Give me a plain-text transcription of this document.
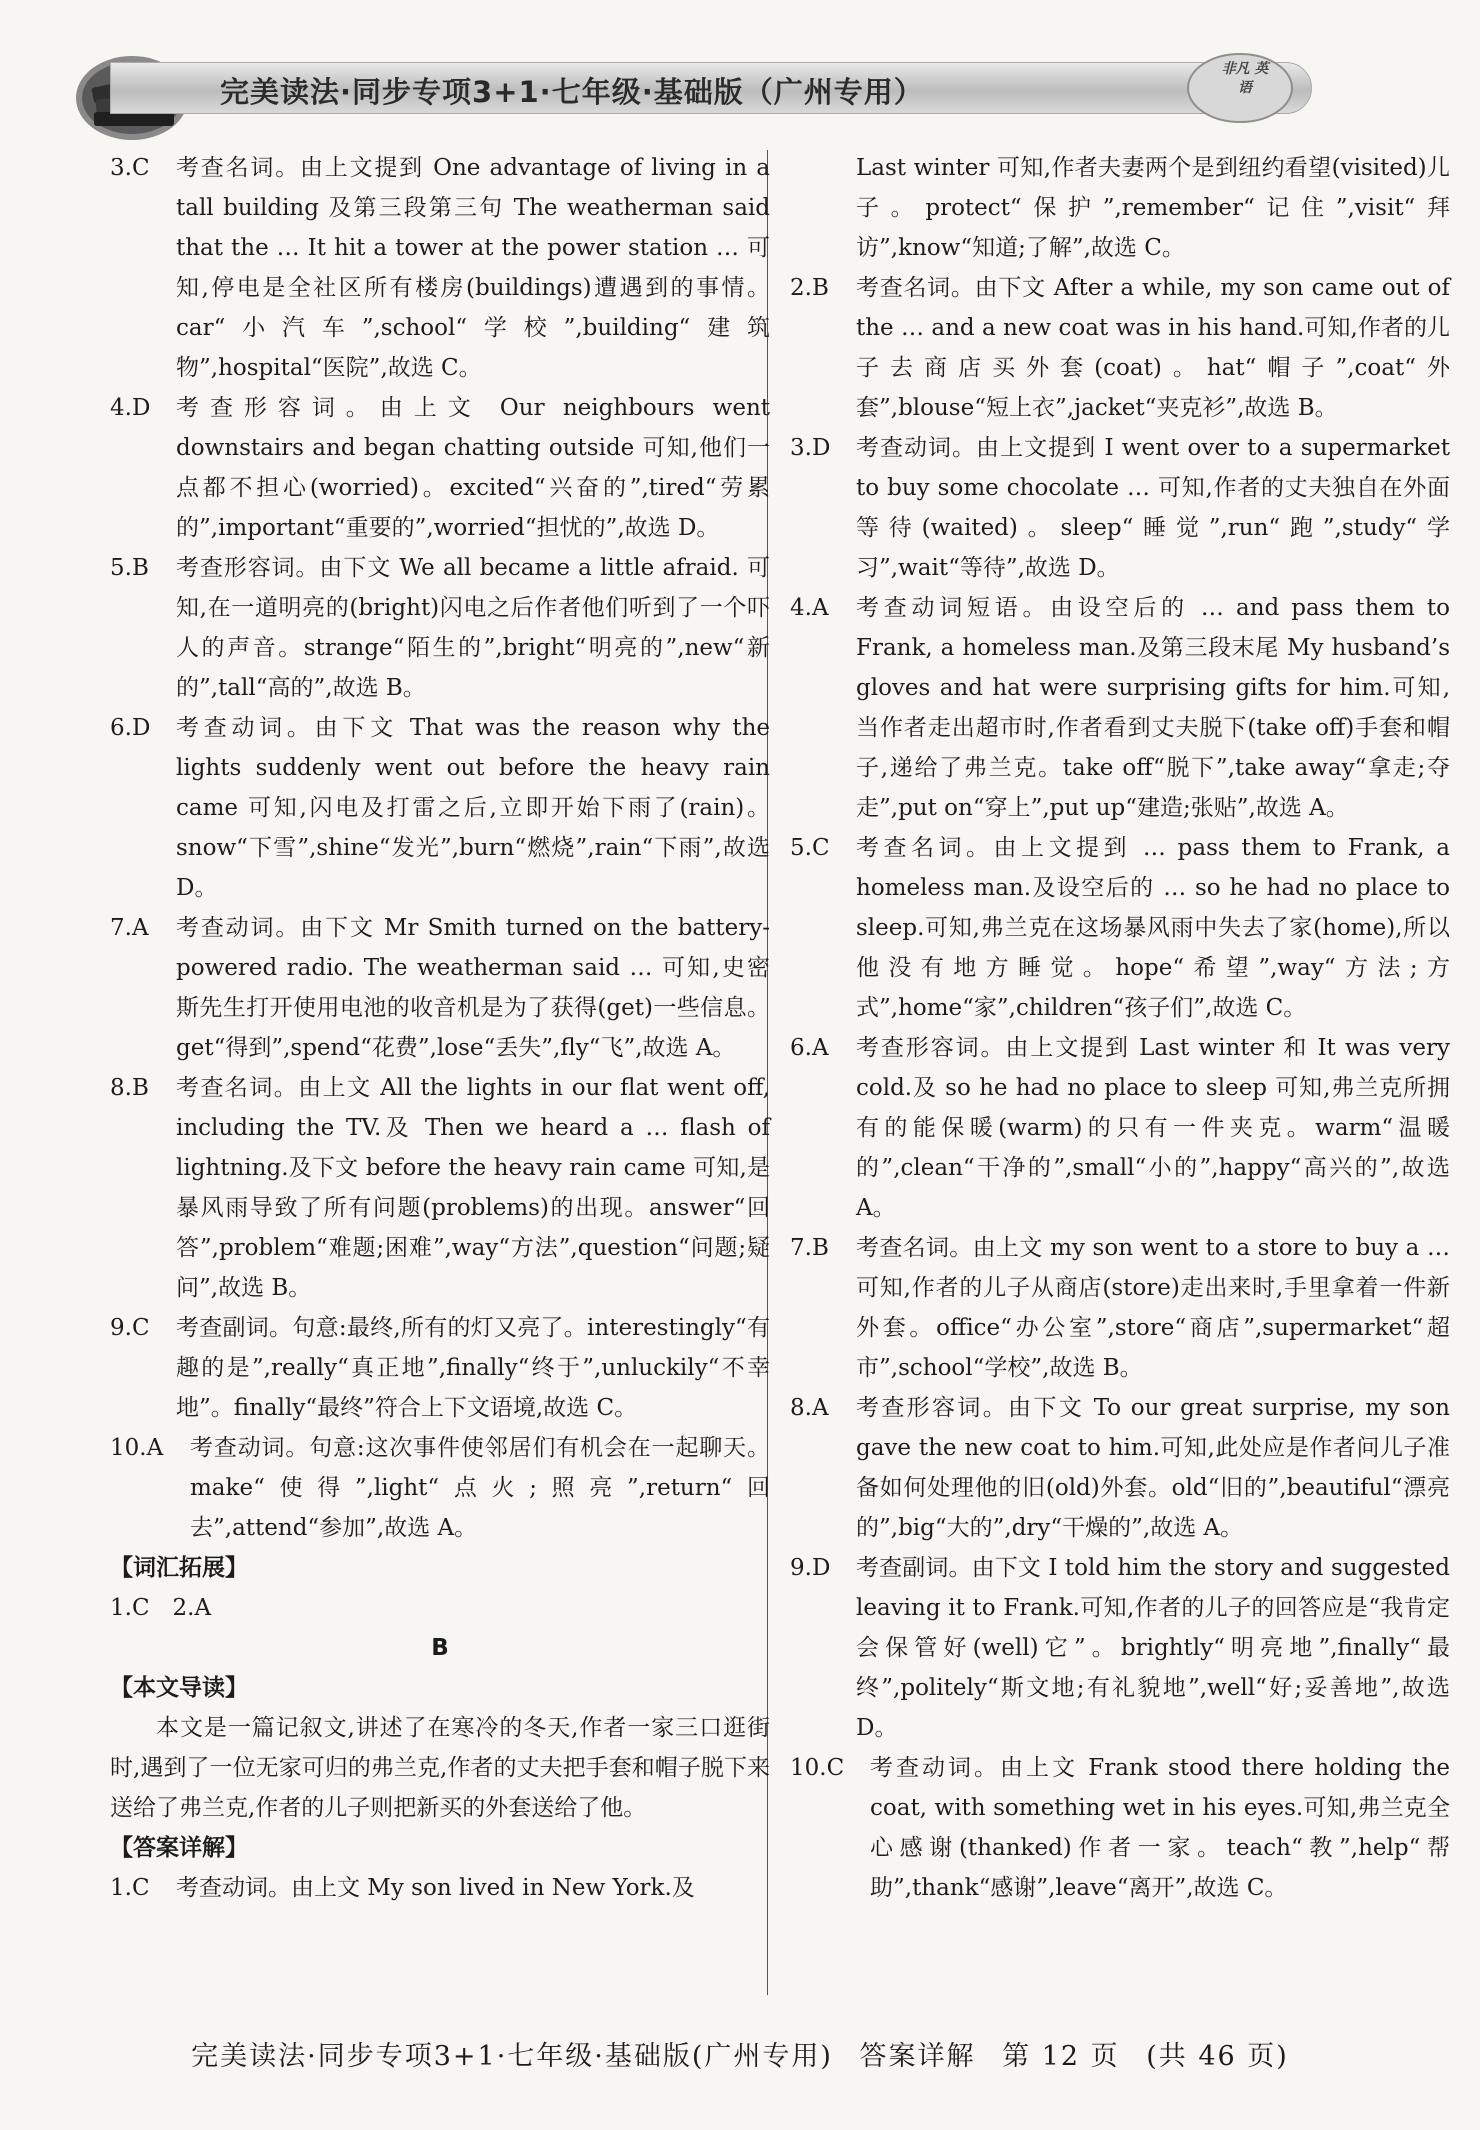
完美读法·同步专项3+1·七年级·基础版（广州专用）
非凡 英语
3.C	考查名词。由上文提到 One advantage of living in a tall building 及第三段第三句 The weatherman said that the … It hit a tower at the power station … 可知,停电是全社区所有楼房(buildings)遭遇到的事情。car“小汽车”,school“学校”,building“建筑物”,hospital“医院”,故选 C。
4.D	考查形容词。由上文 Our neighbours went downstairs and began chatting outside 可知,他们一点都不担心(worried)。excited“兴奋的”,tired“劳累的”,important“重要的”,worried“担忧的”,故选 D。
5.B	考查形容词。由下文 We all became a little afraid. 可知,在一道明亮的(bright)闪电之后作者他们听到了一个吓人的声音。strange“陌生的”,bright“明亮的”,new“新的”,tall“高的”,故选 B。
6.D	考查动词。由下文 That was the reason why the lights suddenly went out before the heavy rain came 可知,闪电及打雷之后,立即开始下雨了(rain)。snow“下雪”,shine“发光”,burn“燃烧”,rain“下雨”,故选 D。
7.A	考查动词。由下文 Mr Smith turned on the battery-powered radio. The weatherman said … 可知,史密斯先生打开使用电池的收音机是为了获得(get)一些信息。get“得到”,spend“花费”,lose“丢失”,fly“飞”,故选 A。
8.B	考查名词。由上文 All the lights in our flat went off, including the TV.及 Then we heard a … flash of lightning.及下文 before the heavy rain came 可知,是暴风雨导致了所有问题(problems)的出现。answer“回答”,problem“难题;困难”,way“方法”,question“问题;疑问”,故选 B。
9.C	考查副词。句意:最终,所有的灯又亮了。interestingly“有趣的是”,really“真正地”,finally“终于”,unluckily“不幸地”。finally“最终”符合上下文语境,故选 C。
10.A	考查动词。句意:这次事件使邻居们有机会在一起聊天。make“使得”,light“点火;照亮”,return“回去”,attend“参加”,故选 A。

【词汇拓展】

1.C　2.A

B

【本文导读】

本文是一篇记叙文,讲述了在寒冷的冬天,作者一家三口逛街时,遇到了一位无家可归的弗兰克,作者的丈夫把手套和帽子脱下来送给了弗兰克,作者的儿子则把新买的外套送给了他。

【答案详解】

1.C	考查动词。由上文 My son lived in New York.及

Last winter 可知,作者夫妻两个是到纽约看望(visited)儿子。protect“保护”,remember“记住”,visit“拜访”,know“知道;了解”,故选 C。

2.B	考查名词。由下文 After a while, my son came out of the … and a new coat was in his hand.可知,作者的儿子去商店买外套(coat)。hat“帽子”,coat“外套”,blouse“短上衣”,jacket“夹克衫”,故选 B。
3.D	考查动词。由上文提到 I went over to a supermarket to buy some chocolate … 可知,作者的丈夫独自在外面等待(waited)。sleep“睡觉”,run“跑”,study“学习”,wait“等待”,故选 D。
4.A	考查动词短语。由设空后的 … and pass them to Frank, a homeless man.及第三段末尾 My husband’s gloves and hat were surprising gifts for him.可知,当作者走出超市时,作者看到丈夫脱下(take off)手套和帽子,递给了弗兰克。take off“脱下”,take away“拿走;夺走”,put on“穿上”,put up“建造;张贴”,故选 A。
5.C	考查名词。由上文提到 … pass them to Frank, a homeless man.及设空后的 … so he had no place to sleep.可知,弗兰克在这场暴风雨中失去了家(home),所以他没有地方睡觉。hope“希望”,way“方法;方式”,home“家”,children“孩子们”,故选 C。
6.A	考查形容词。由上文提到 Last winter 和 It was very cold.及 so he had no place to sleep 可知,弗兰克所拥有的能保暖(warm)的只有一件夹克。warm“温暖的”,clean“干净的”,small“小的”,happy“高兴的”,故选 A。
7.B	考查名词。由上文 my son went to a store to buy a … 可知,作者的儿子从商店(store)走出来时,手里拿着一件新外套。office“办公室”,store“商店”,supermarket“超市”,school“学校”,故选 B。
8.A	考查形容词。由下文 To our great surprise, my son gave the new coat to him.可知,此处应是作者问儿子准备如何处理他的旧(old)外套。old“旧的”,beautiful“漂亮的”,big“大的”,dry“干燥的”,故选 A。
9.D	考查副词。由下文 I told him the story and suggested leaving it to Frank.可知,作者的儿子的回答应是“我肯定会保管好(well)它”。brightly“明亮地”,finally“最终”,politely“斯文地;有礼貌地”,well“好;妥善地”,故选 D。
10.C	考查动词。由上文 Frank stood there holding the coat, with something wet in his eyes.可知,弗兰克全心感谢(thanked)作者一家。teach“教”,help“帮助”,thank“感谢”,leave“离开”,故选 C。
完美读法·同步专项3+1·七年级·基础版(广州专用) 答案详解 第 12 页 (共 46 页)
